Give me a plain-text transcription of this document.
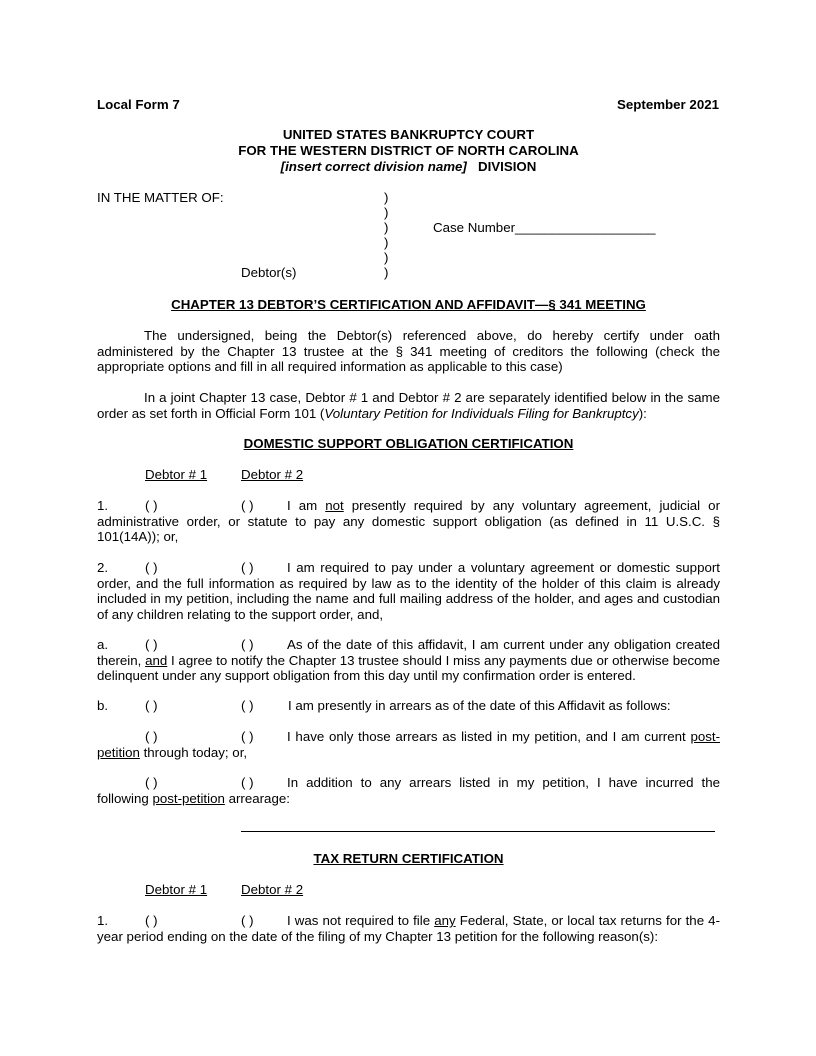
Local Form 7	September 2021
UNITED STATES BANKRUPTCY COURT
FOR THE WESTERN DISTRICT OF NORTH CAROLINA
[insert correct division name] DIVISION
IN THE MATTER OF:	)
)
)
)
)
)
Case Number___________________
Debtor(s)
CHAPTER 13 DEBTOR’S CERTIFICATION AND AFFIDAVIT—§ 341 MEETING
The undersigned, being the Debtor(s) referenced above, do hereby certify under oath administered by the Chapter 13 trustee at the § 341 meeting of creditors the following (check the appropriate options and fill in all required information as applicable to this case)
In a joint Chapter 13 case, Debtor # 1 and Debtor # 2 are separately identified below in the same order as set forth in Official Form 101 (Voluntary Petition for Individuals Filing for Bankruptcy):
DOMESTIC SUPPORT OBLIGATION CERTIFICATION
Debtor # 1	Debtor # 2
1.	( )	( )	I am not presently required by any voluntary agreement, judicial or administrative order, or statute to pay any domestic support obligation (as defined in 11 U.S.C. § 101(14A)); or,
2.	( )	( )	I am required to pay under a voluntary agreement or domestic support order, and the full information as required by law as to the identity of the holder of this claim is already included in my petition, including the name and full mailing address of the holder, and ages and custodian of any children relating to the support order, and,
a.	( )	( )	As of the date of this affidavit, I am current under any obligation created therein, and I agree to notify the Chapter 13 trustee should I miss any payments due or otherwise become delinquent under any support obligation from this day until my confirmation order is entered.
b.	( )	( )	I am presently in arrears as of the date of this Affidavit as follows:
( )	( )	I have only those arrears as listed in my petition, and I am current post-petition through today; or,
( )	( )	In addition to any arrears listed in my petition, I have incurred the following post-petition arrearage:
TAX RETURN CERTIFICATION
Debtor # 1	Debtor # 2
1.	( )	( )	I was not required to file any Federal, State, or local tax returns for the 4-year period ending on the date of the filing of my Chapter 13 petition for the following reason(s):
